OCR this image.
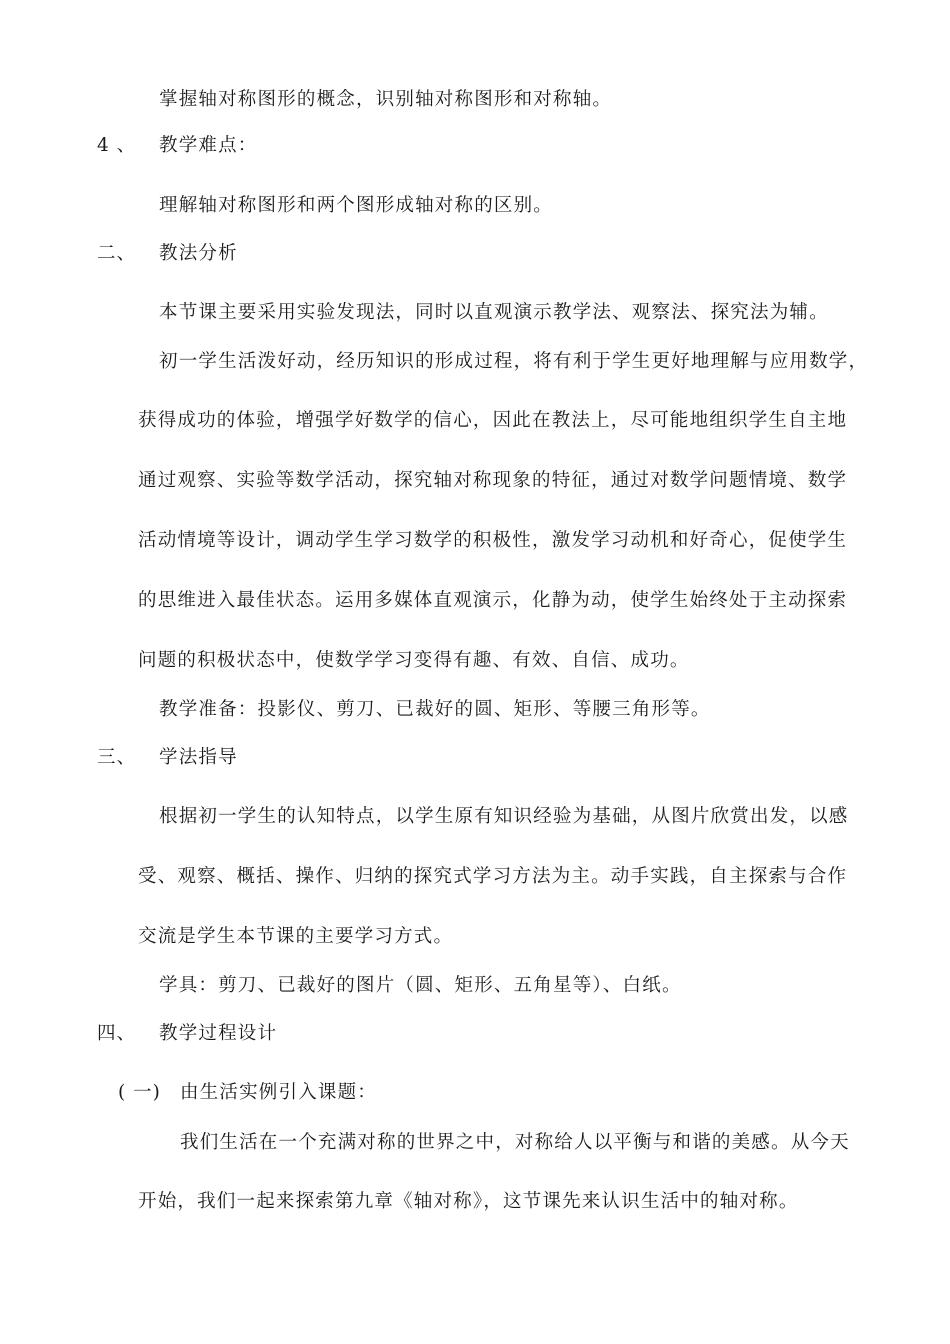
掌握轴对称图形的概念，识别轴对称图形和对称轴。
4 、 教学难点：
理解轴对称图形和两个图形成轴对称的区别。
二、 教法分析
本节课主要采用实验发现法，同时以直观演示教学法、观察法、探究法为辅。
初一学生活泼好动，经历知识的形成过程，将有利于学生更好地理解与应用数学，
获得成功的体验，增强学好数学的信心，因此在教法上，尽可能地组织学生自主地
通过观察、实验等数学活动，探究轴对称现象的特征，通过对数学问题情境、数学
活动情境等设计，调动学生学习数学的积极性，激发学习动机和好奇心，促使学生
的思维进入最佳状态。运用多媒体直观演示，化静为动，使学生始终处于主动探索
问题的积极状态中，使数学学习变得有趣、有效、自信、成功。
教学准备：投影仪、剪刀、已裁好的圆、矩形、等腰三角形等。
三、 学法指导
根据初一学生的认知特点，以学生原有知识经验为基础，从图片欣赏出发，以感
受、观察、概括、操作、归纳的探究式学习方法为主。动手实践，自主探索与合作
交流是学生本节课的主要学习方式。
学具：剪刀、已裁好的图片（圆、矩形、五角星等）、白纸。
四、 教学过程设计
( 一) 由生活实例引入课题：
我们生活在一个充满对称的世界之中，对称给人以平衡与和谐的美感。从今天
开始，我们一起来探索第九章《轴对称》，这节课先来认识生活中的轴对称。
